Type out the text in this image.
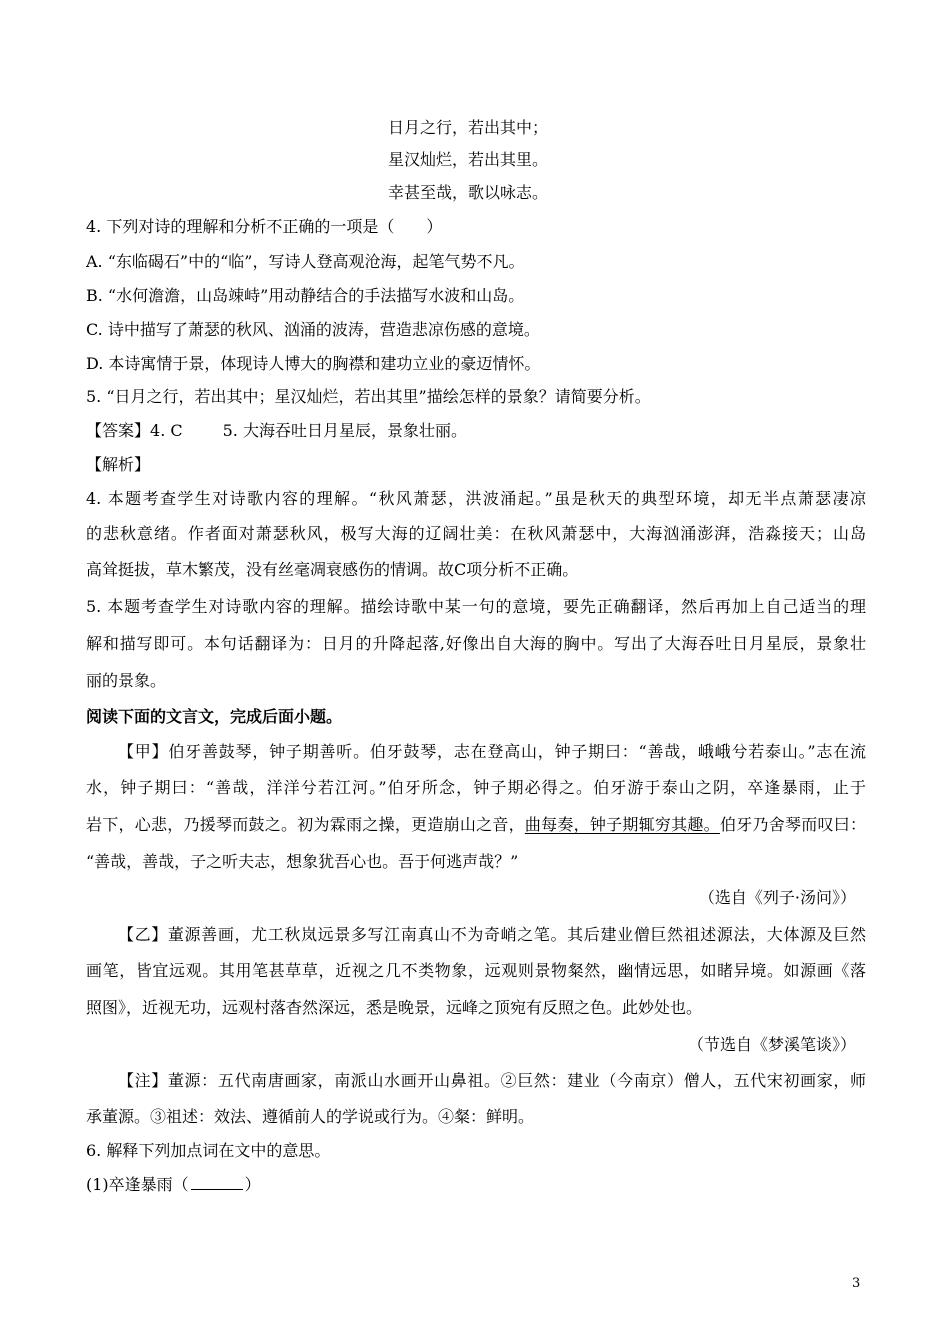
日月之行，若出其中；
星汉灿烂，若出其里。
幸甚至哉，歌以咏志。
4. 下列对诗的理解和分析不正确的一项是（　　）
A. “东临碣石”中的“临”，写诗人登高观沧海，起笔气势不凡。
B. “水何澹澹，山岛竦峙”用动静结合的手法描写水波和山岛。
C. 诗中描写了萧瑟的秋风、汹涌的波涛，营造悲凉伤感的意境。
D. 本诗寓情于景，体现诗人博大的胸襟和建功立业的豪迈情怀。
5. “日月之行，若出其中；星汉灿烂，若出其里”描绘怎样的景象？请简要分析。
【答案】4. C	5. 大海吞吐日月星辰，景象壮丽。
【解析】
4. 本题考查学生对诗歌内容的理解。“秋风萧瑟，洪波涌起。”虽是秋天的典型环境，却无半点萧瑟凄凉
的悲秋意绪。作者面对萧瑟秋风，极写大海的辽阔壮美：在秋风萧瑟中，大海汹涌澎湃，浩淼接天；山岛
高耸挺拔，草木繁茂，没有丝毫凋衰感伤的情调。故C项分析不正确。
5. 本题考查学生对诗歌内容的理解。描绘诗歌中某一句的意境，要先正确翻译，然后再加上自己适当的理
解和描写即可。本句话翻译为：日月的升降起落,好像出自大海的胸中。写出了大海吞吐日月星辰，景象壮
丽的景象。
阅读下面的文言文，完成后面小题。
【甲】伯牙善鼓琴，钟子期善听。伯牙鼓琴，志在登高山，钟子期曰：“善哉，峨峨兮若泰山。”志在流
水，钟子期曰：“善哉，洋洋兮若江河。”伯牙所念，钟子期必得之。伯牙游于泰山之阴，卒逢暴雨，止于
岩下，心悲，乃援琴而鼓之。初为霖雨之操，更造崩山之音，曲每奏，钟子期辄穷其趣。伯牙乃舍琴而叹曰：
“善哉，善哉，子之听夫志，想象犹吾心也。吾于何逃声哉？”
（选自《列子·汤问》）
【乙】董源善画，尤工秋岚远景多写江南真山不为奇峭之笔。其后建业僧巨然祖述源法，大体源及巨然
画笔，皆宜远观。其用笔甚草草，近视之几不类物象，远观则景物粲然，幽情远思，如睹异境。如源画《落
照图》，近视无功，远观村落杳然深远，悉是晚景，远峰之顶宛有反照之色。此妙处也。
（节选自《梦溪笔谈》）
【注】董源：五代南唐画家，南派山水画开山鼻祖。②巨然：建业（今南京）僧人，五代宋初画家，师
承董源。③祖述：效法、遵循前人的学说或行为。④粲：鲜明。
6. 解释下列加点词在文中的意思。
(1)卒逢暴雨（	）
3
